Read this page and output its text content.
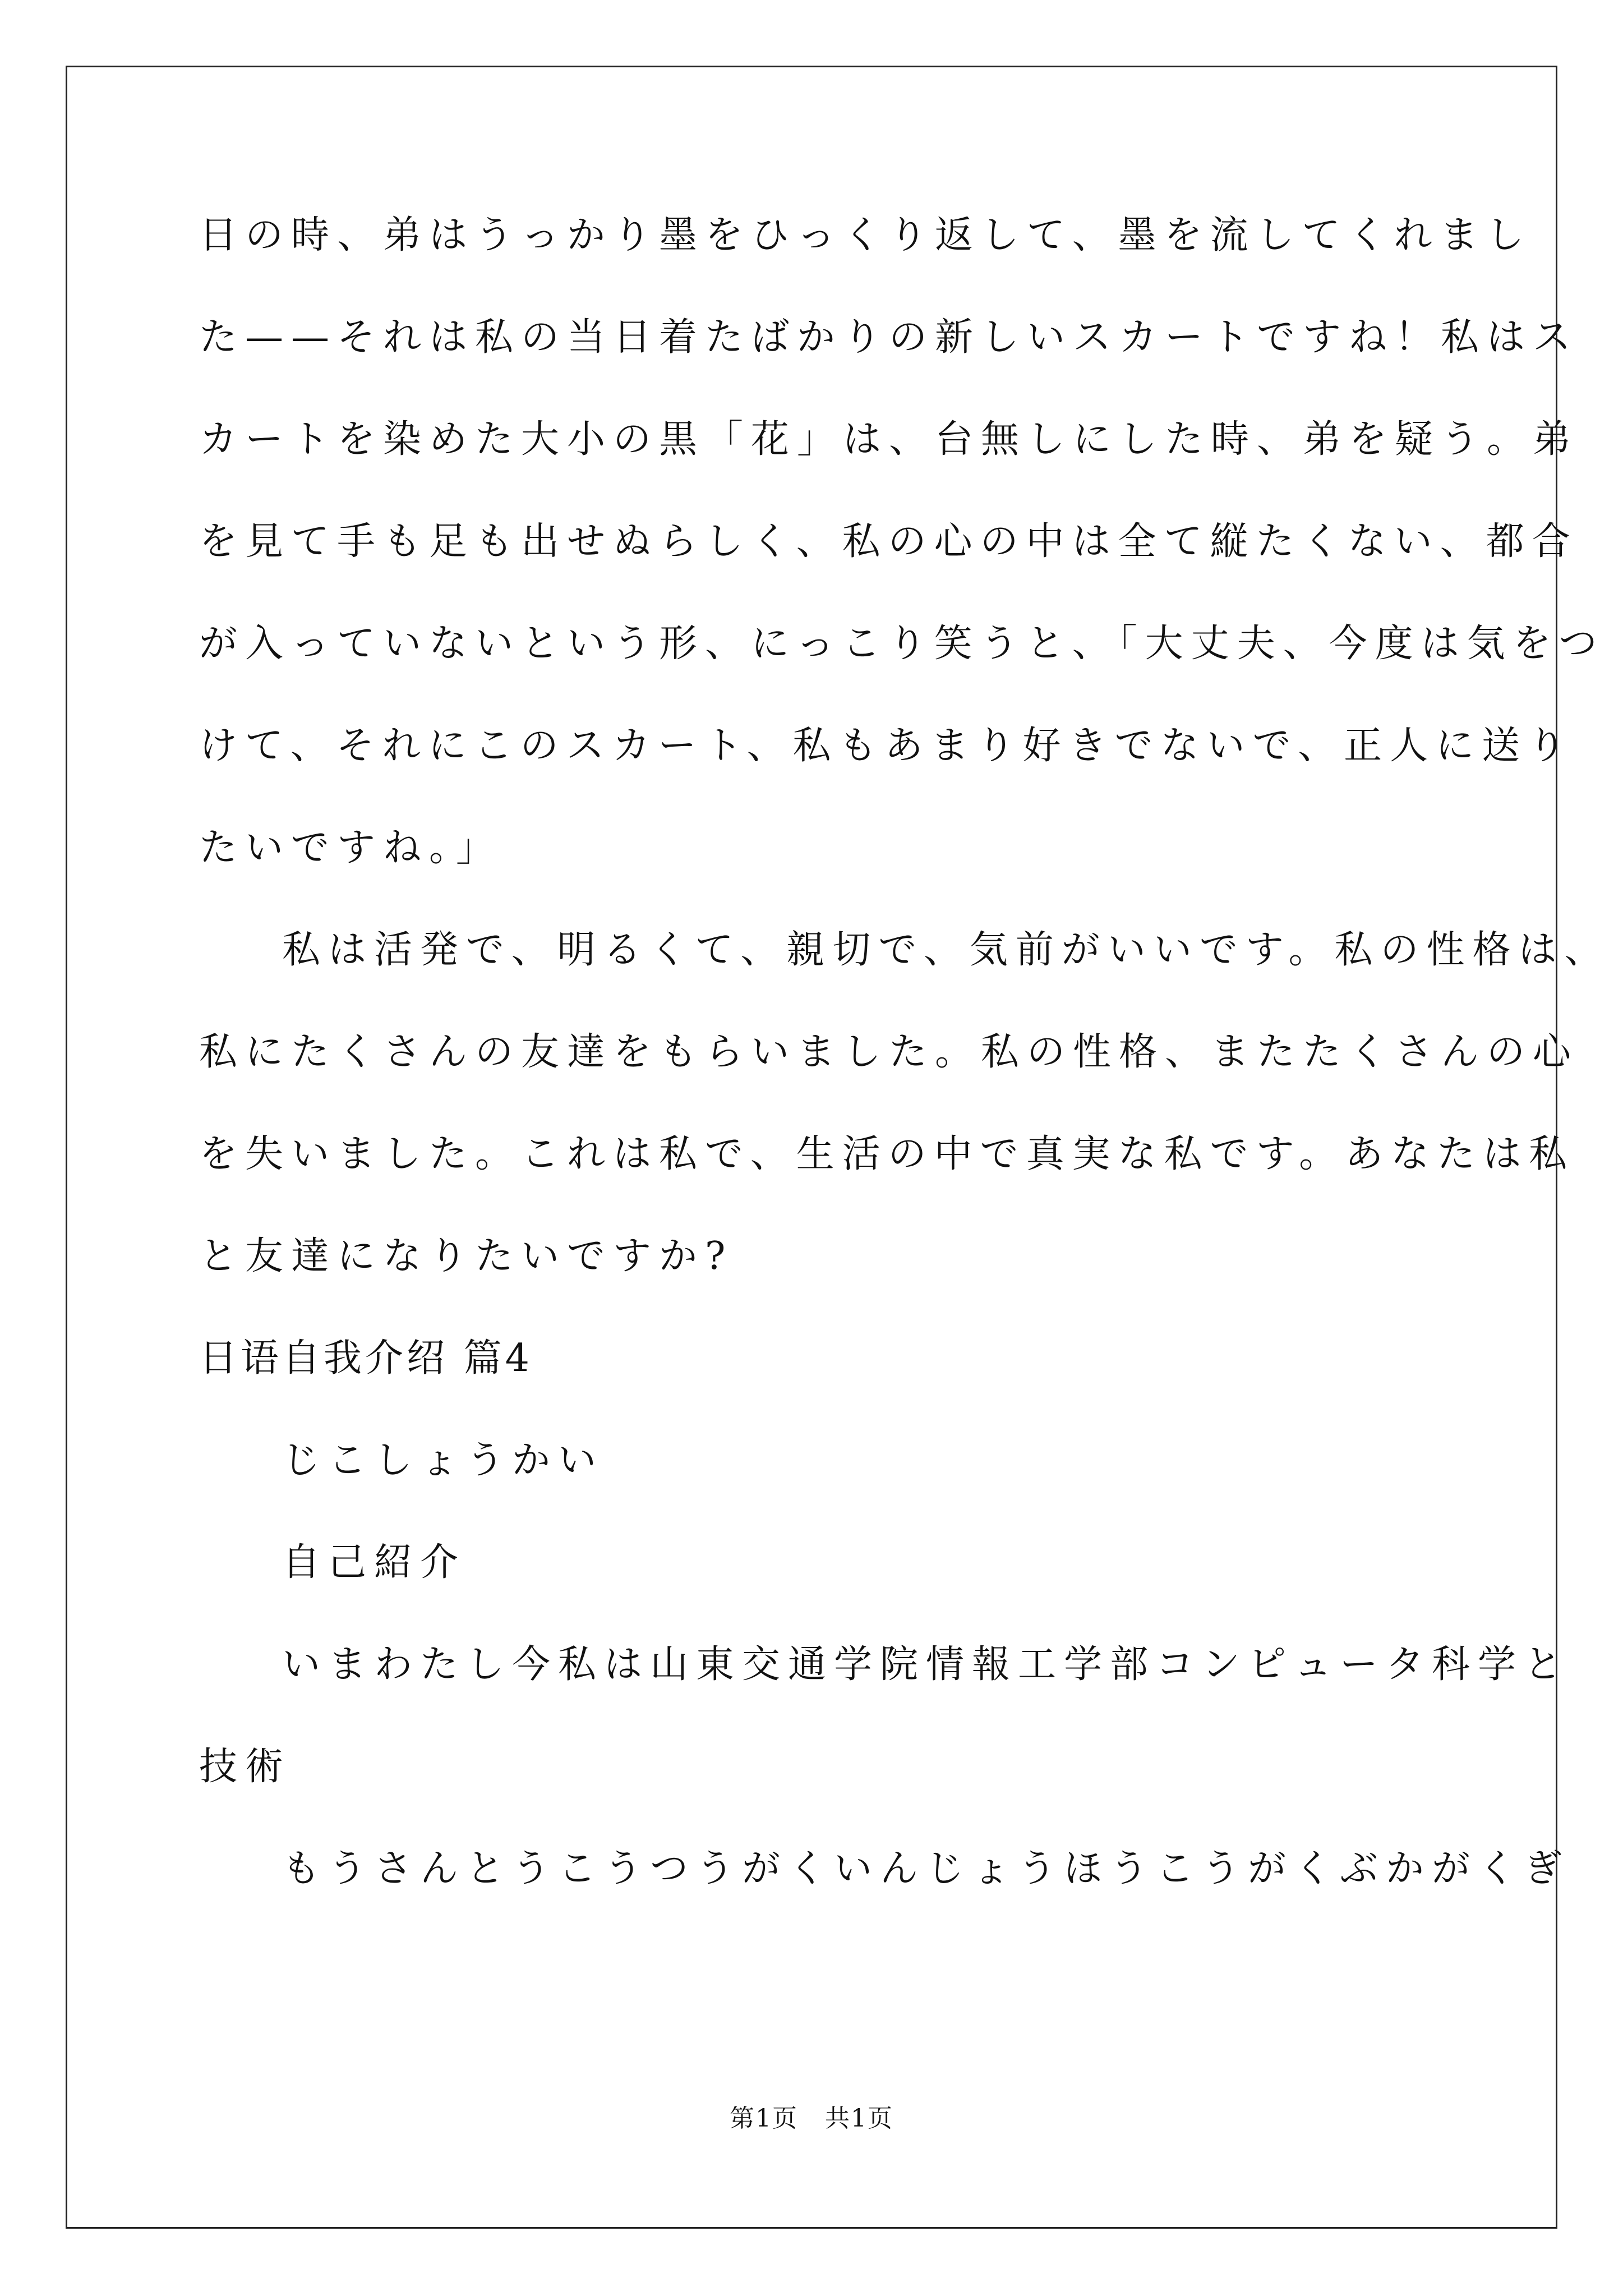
日の時、弟はうっかり墨をひっくり返して、墨を流してくれまし
た——それは私の当日着たばかりの新しいスカートですね！私はス
カートを染めた大小の黒「花」は、台無しにした時、弟を疑う。弟
を見て手も足も出せぬらしく、私の心の中は全て縦たくない、都合
が入っていないという形、にっこり笑うと、「大丈夫、今度は気をつ
けて、それにこのスカート、私もあまり好きでないで、正人に送り
たいですね。」
私は活発で、明るくて、親切で、気前がいいです。私の性格は、
私にたくさんの友達をもらいました。私の性格、またたくさんの心
を失いました。これは私で、生活の中で真実な私です。あなたは私
と友達になりたいですか?
日语自我介绍 篇4
じこしょうかい
自己紹介
いまわたし今私は山東交通学院情報工学部コンピュータ科学と
技術
もうさんとうこうつうがくいんじょうほうこうがくぶかがくぎ
第1页   共1页
